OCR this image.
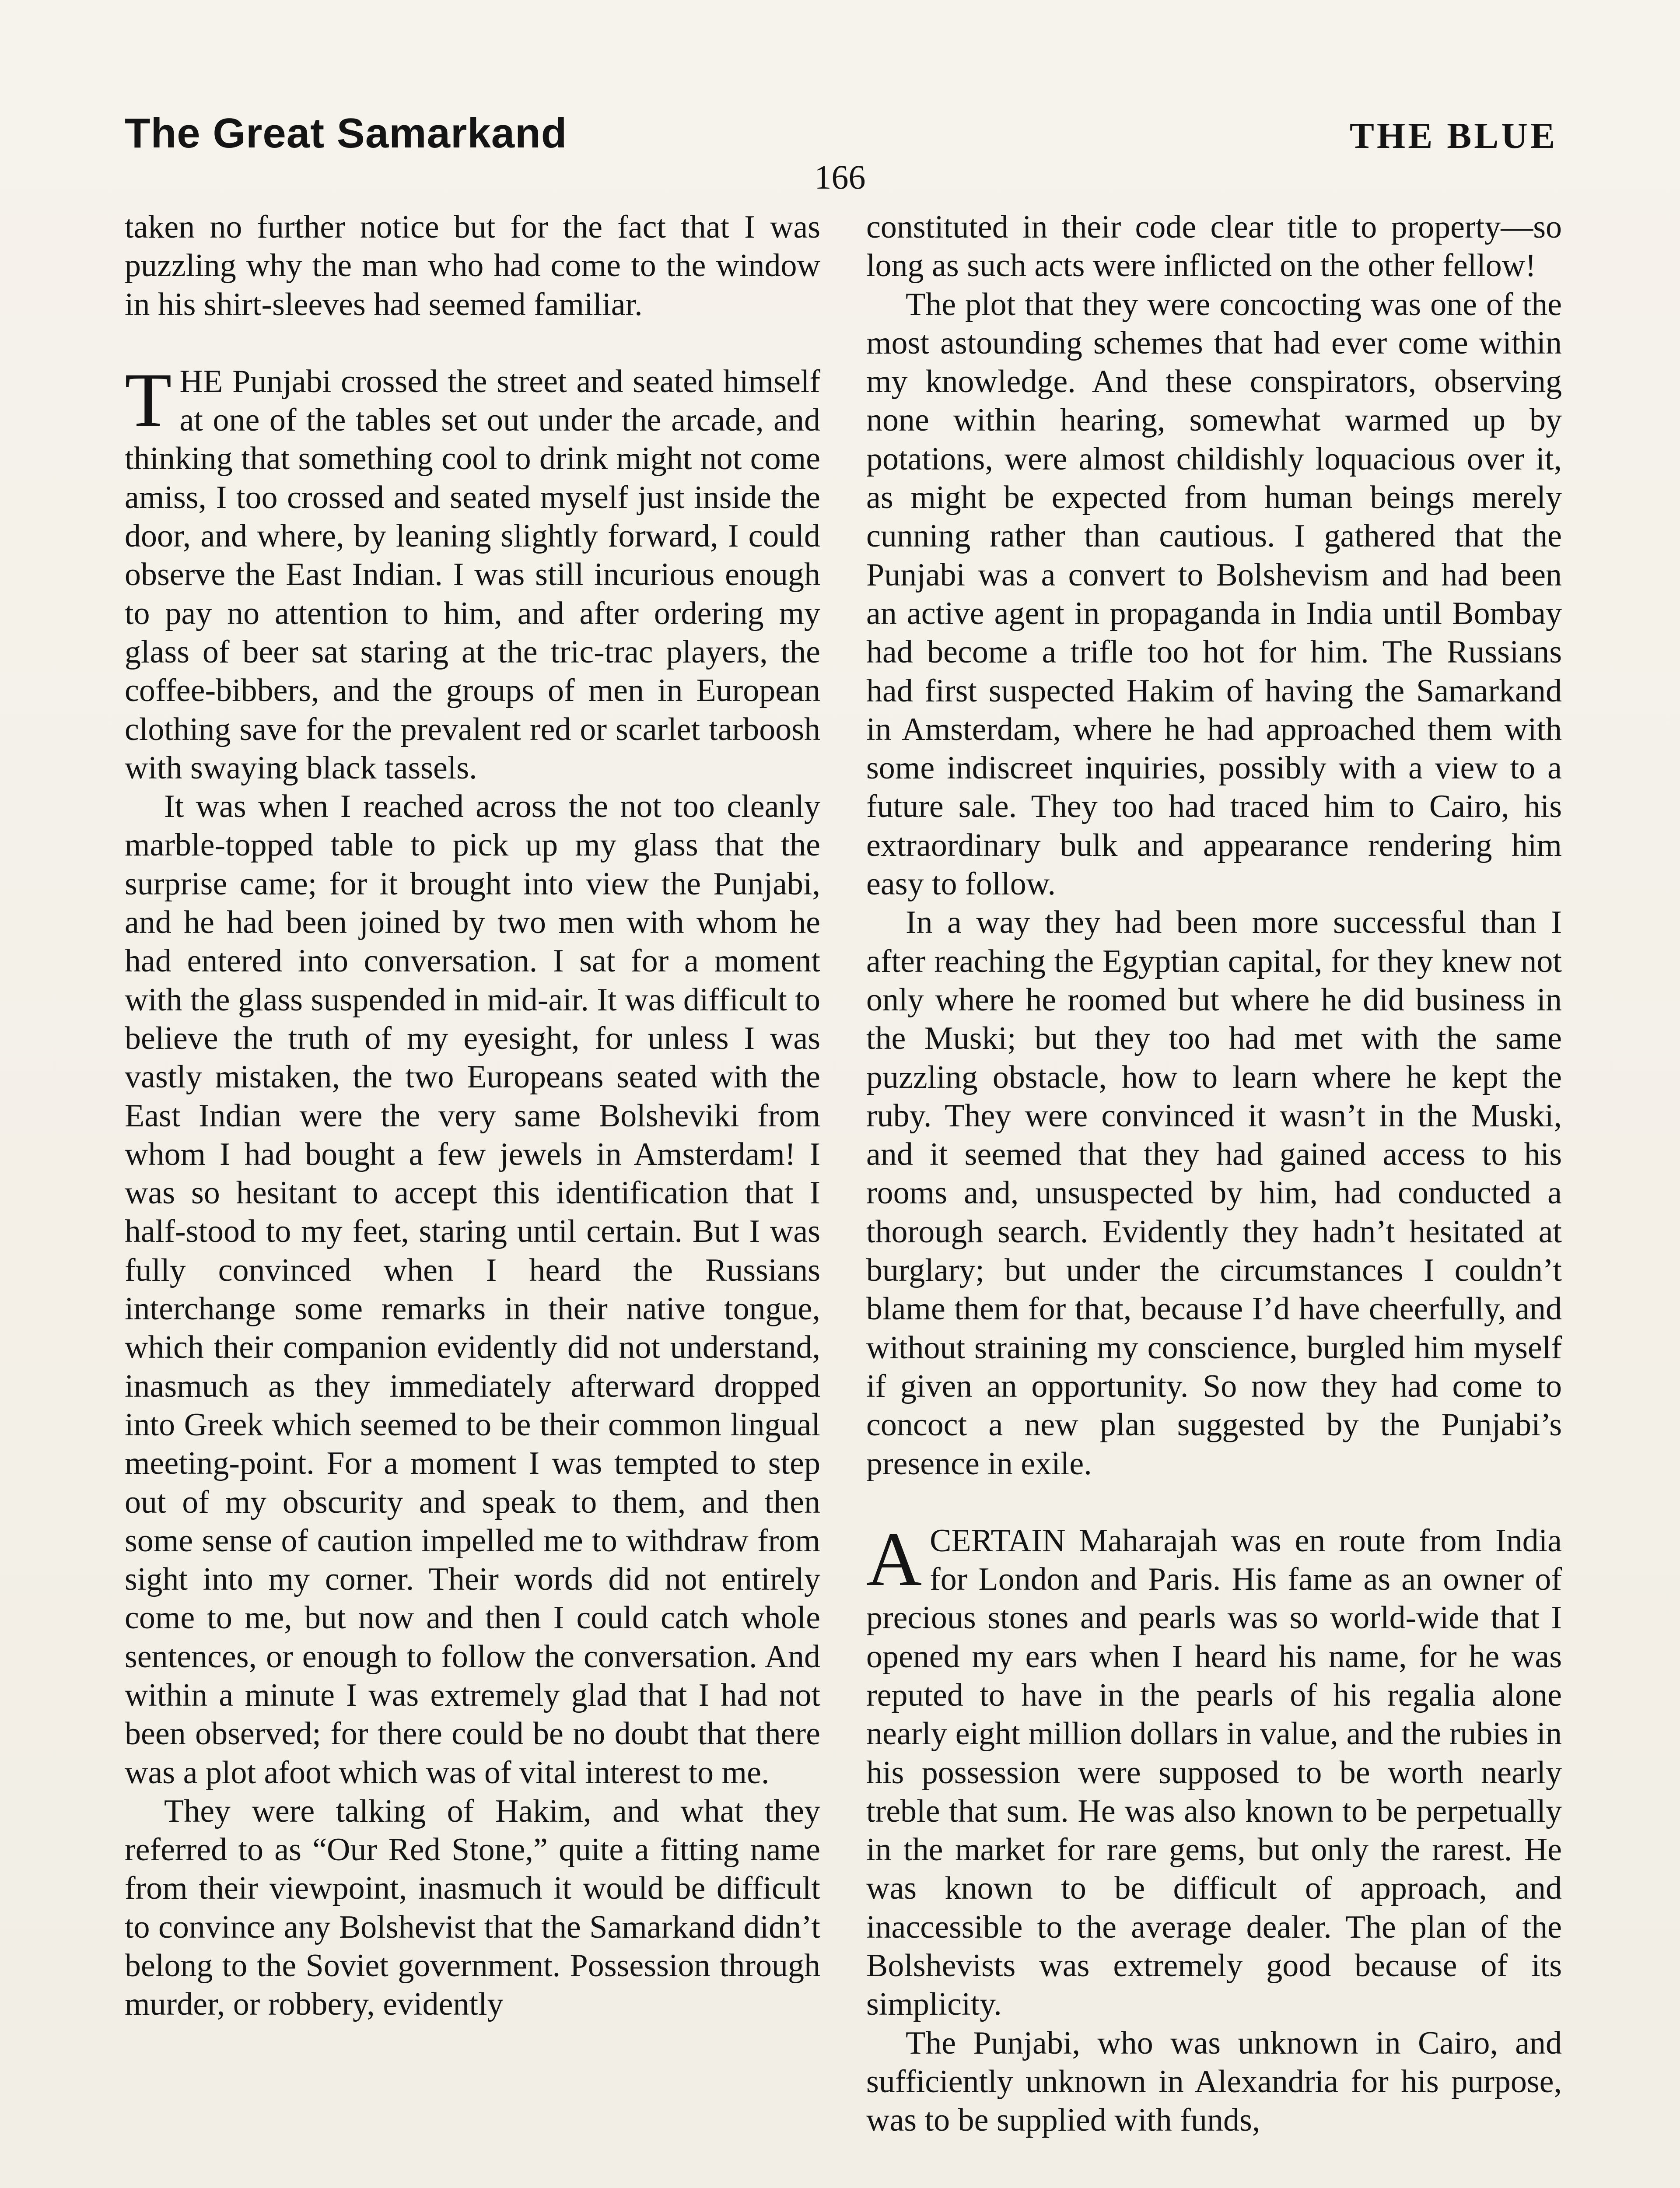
The Great Samarkand	THE BLUE
166

taken no further notice but for the fact that I was puzzling why the man who had come to the window in his shirt-sleeves had seemed familiar.

THE Punjabi crossed the street and seated himself at one of the tables set out under the arcade, and thinking that something cool to drink might not come amiss, I too crossed and seated myself just inside the door, and where, by leaning slightly forward, I could observe the East Indian. I was still incurious enough to pay no attention to him, and after ordering my glass of beer sat staring at the tric-trac players, the coffee-bibbers, and the groups of men in European clothing save for the prevalent red or scarlet tarboosh with swaying black tassels.

It was when I reached across the not too cleanly marble-topped table to pick up my glass that the surprise came; for it brought into view the Punjabi, and he had been joined by two men with whom he had entered into conversation. I sat for a moment with the glass suspended in mid-air. It was difficult to believe the truth of my eyesight, for unless I was vastly mistaken, the two Europeans seated with the East Indian were the very same Bolsheviki from whom I had bought a few jewels in Amsterdam! I was so hesitant to accept this identification that I half-stood to my feet, staring until certain. But I was fully convinced when I heard the Russians interchange some remarks in their native tongue, which their companion evidently did not understand, inasmuch as they immediately afterward dropped into Greek which seemed to be their common lingual meeting-point. For a moment I was tempted to step out of my obscurity and speak to them, and then some sense of caution impelled me to withdraw from sight into my corner. Their words did not entirely come to me, but now and then I could catch whole sentences, or enough to follow the conversation. And within a minute I was extremely glad that I had not been observed; for there could be no doubt that there was a plot afoot which was of vital interest to me.

They were talking of Hakim, and what they referred to as “Our Red Stone,” quite a fitting name from their viewpoint, inasmuch it would be difficult to convince any Bolshevist that the Samarkand didn’t belong to the Soviet government. Possession through murder, or robbery, evidently

constituted in their code clear title to property—so long as such acts were inflicted on the other fellow!

The plot that they were concocting was one of the most astounding schemes that had ever come within my knowledge. And these conspirators, observing none within hearing, somewhat warmed up by potations, were almost childishly loquacious over it, as might be expected from human beings merely cunning rather than cautious. I gathered that the Punjabi was a convert to Bolshevism and had been an active agent in propaganda in India until Bombay had become a trifle too hot for him. The Russians had first suspected Hakim of having the Samarkand in Amsterdam, where he had approached them with some indiscreet inquiries, possibly with a view to a future sale. They too had traced him to Cairo, his extraordinary bulk and appearance rendering him easy to follow.

In a way they had been more successful than I after reaching the Egyptian capital, for they knew not only where he roomed but where he did business in the Muski; but they too had met with the same puzzling obstacle, how to learn where he kept the ruby. They were convinced it wasn’t in the Muski, and it seemed that they had gained access to his rooms and, unsuspected by him, had conducted a thorough search. Evidently they hadn’t hesitated at burglary; but under the circumstances I couldn’t blame them for that, because I’d have cheerfully, and without straining my conscience, burgled him myself if given an opportunity. So now they had come to concoct a new plan suggested by the Punjabi’s presence in exile.

ACERTAIN Maharajah was en route from India for London and Paris. His fame as an owner of precious stones and pearls was so world-wide that I opened my ears when I heard his name, for he was reputed to have in the pearls of his regalia alone nearly eight million dollars in value, and the rubies in his possession were supposed to be worth nearly treble that sum. He was also known to be perpetually in the market for rare gems, but only the rarest. He was known to be difficult of approach, and inaccessible to the average dealer. The plan of the Bolshevists was extremely good because of its simplicity.

The Punjabi, who was unknown in Cairo, and sufficiently unknown in Alexandria for his purpose, was to be supplied with funds,
